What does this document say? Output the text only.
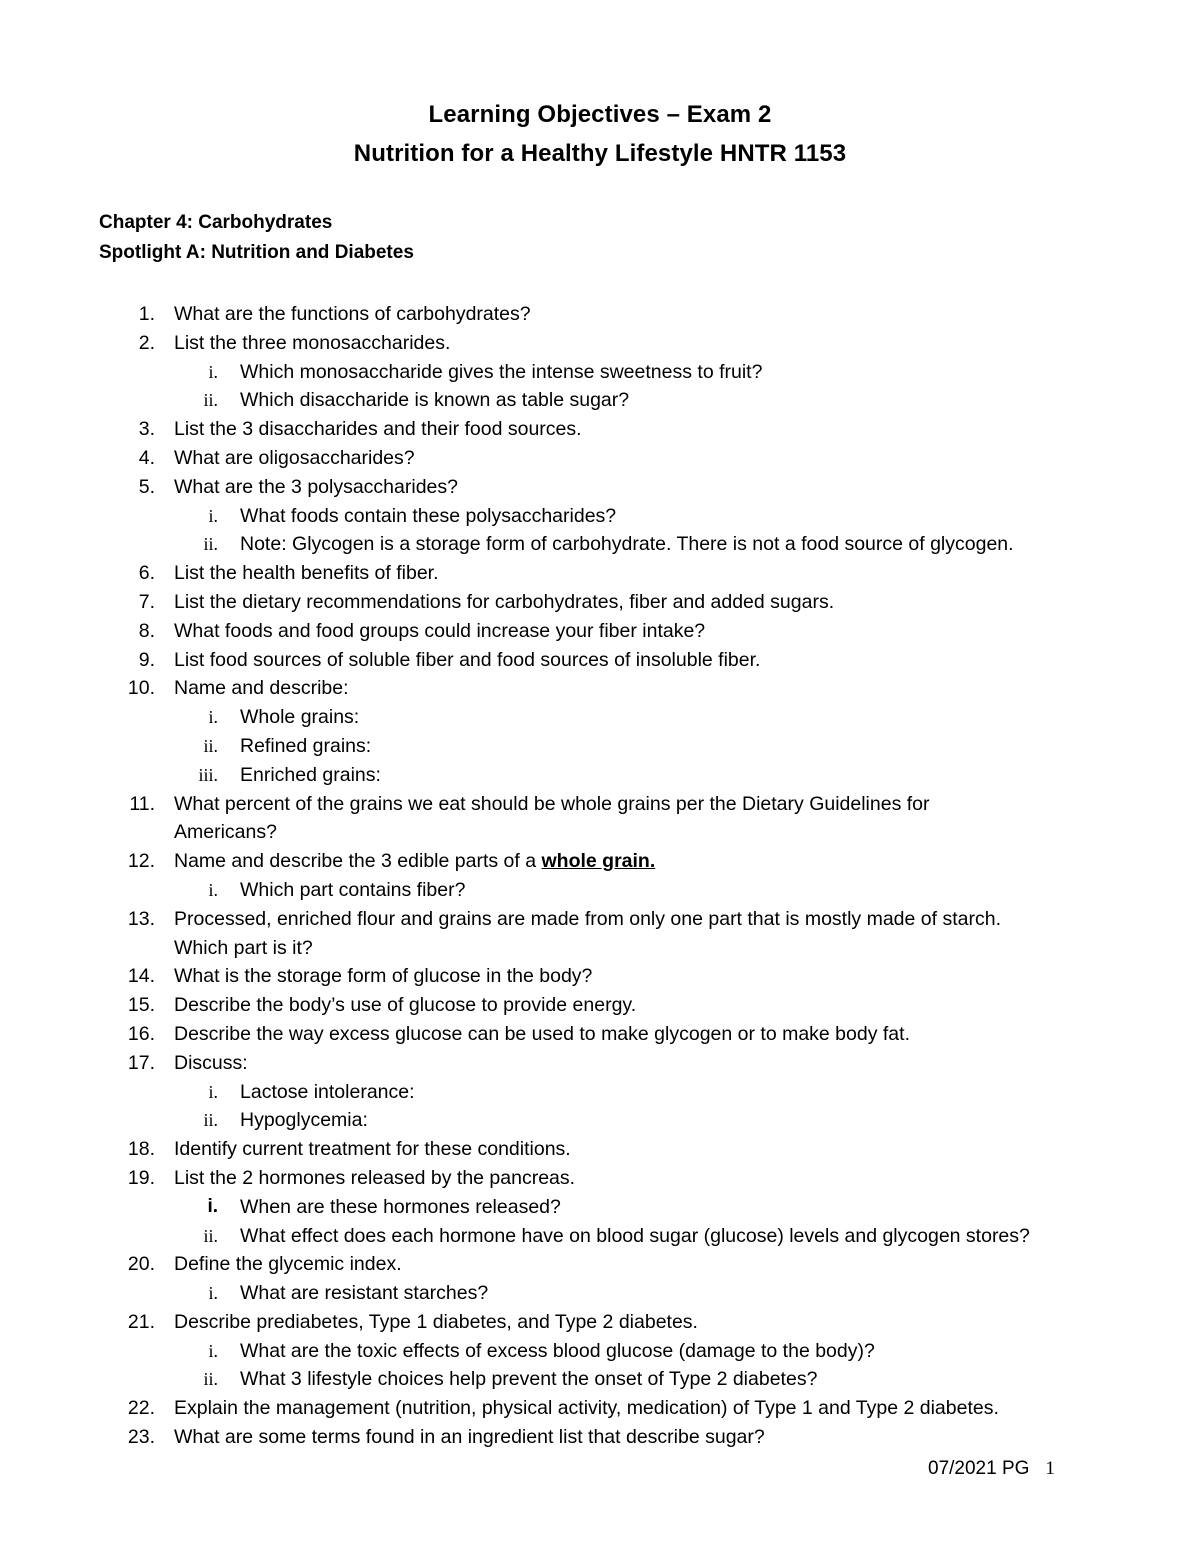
Learning Objectives – Exam 2
Nutrition for a Healthy Lifestyle HNTR 1153
Chapter 4: Carbohydrates
Spotlight A: Nutrition and Diabetes
1. What are the functions of carbohydrates?
2. List the three monosaccharides.
i. Which monosaccharide gives the intense sweetness to fruit?
ii. Which disaccharide is known as table sugar?
3. List the 3 disaccharides and their food sources.
4. What are oligosaccharides?
5. What are the 3 polysaccharides?
i. What foods contain these polysaccharides?
ii. Note: Glycogen is a storage form of carbohydrate. There is not a food source of glycogen.
6. List the health benefits of fiber.
7. List the dietary recommendations for carbohydrates, fiber and added sugars.
8. What foods and food groups could increase your fiber intake?
9. List food sources of soluble fiber and food sources of insoluble fiber.
10. Name and describe:
i. Whole grains:
ii. Refined grains:
iii. Enriched grains:
11. What percent of the grains we eat should be whole grains per the Dietary Guidelines for
Americans?
12. Name and describe the 3 edible parts of a whole grain.
i. Which part contains fiber?
13. Processed, enriched flour and grains are made from only one part that is mostly made of starch.
Which part is it?
14. What is the storage form of glucose in the body?
15. Describe the body’s use of glucose to provide energy.
16. Describe the way excess glucose can be used to make glycogen or to make body fat.
17. Discuss:
i. Lactose intolerance:
ii. Hypoglycemia:
18. Identify current treatment for these conditions.
19. List the 2 hormones released by the pancreas.
i. When are these hormones released?
ii. What effect does each hormone have on blood sugar (glucose) levels and glycogen stores?
20. Define the glycemic index.
i. What are resistant starches?
21. Describe prediabetes, Type 1 diabetes, and Type 2 diabetes.
i. What are the toxic effects of excess blood glucose (damage to the body)?
ii. What 3 lifestyle choices help prevent the onset of Type 2 diabetes?
22. Explain the management (nutrition, physical activity, medication) of Type 1 and Type 2 diabetes.
23. What are some terms found in an ingredient list that describe sugar?
07/2021 PG 1
